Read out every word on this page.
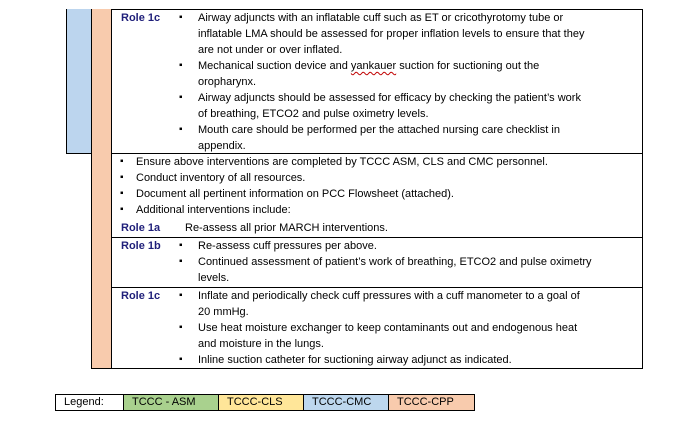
Role 1c	▪ Airway adjuncts with an inflatable cuff such as ET or cricothyrotomy tube or
inflatable LMA should be assessed for proper inflation levels to ensure that they
are not under or over inflated.
▪ Mechanical suction device and yankauer suction for suctioning out the
oropharynx.
▪ Airway adjuncts should be assessed for efficacy by checking the patient’s work
of breathing, ETCO2 and pulse oximetry levels.
▪ Mouth care should be performed per the attached nursing care checklist in
appendix.
▪ Ensure above interventions are completed by TCCC ASM, CLS and CMC personnel.
▪ Conduct inventory of all resources.
▪ Document all pertinent information on PCC Flowsheet (attached).
▪ Additional interventions include:
Role 1a Re-assess all prior MARCH interventions.
Role 1b	▪ Re-assess cuff pressures per above.
▪ Continued assessment of patient’s work of breathing, ETCO2 and pulse oximetry
levels.
Role 1c	▪ Inflate and periodically check cuff pressures with a cuff manometer to a goal of
20 mmHg.
▪ Use heat moisture exchanger to keep contaminants out and endogenous heat
and moisture in the lungs.
▪ Inline suction catheter for suctioning airway adjunct as indicated.
Legend:	TCCC - ASM	TCCC-CLS	TCCC-CMC	TCCC-CPP
